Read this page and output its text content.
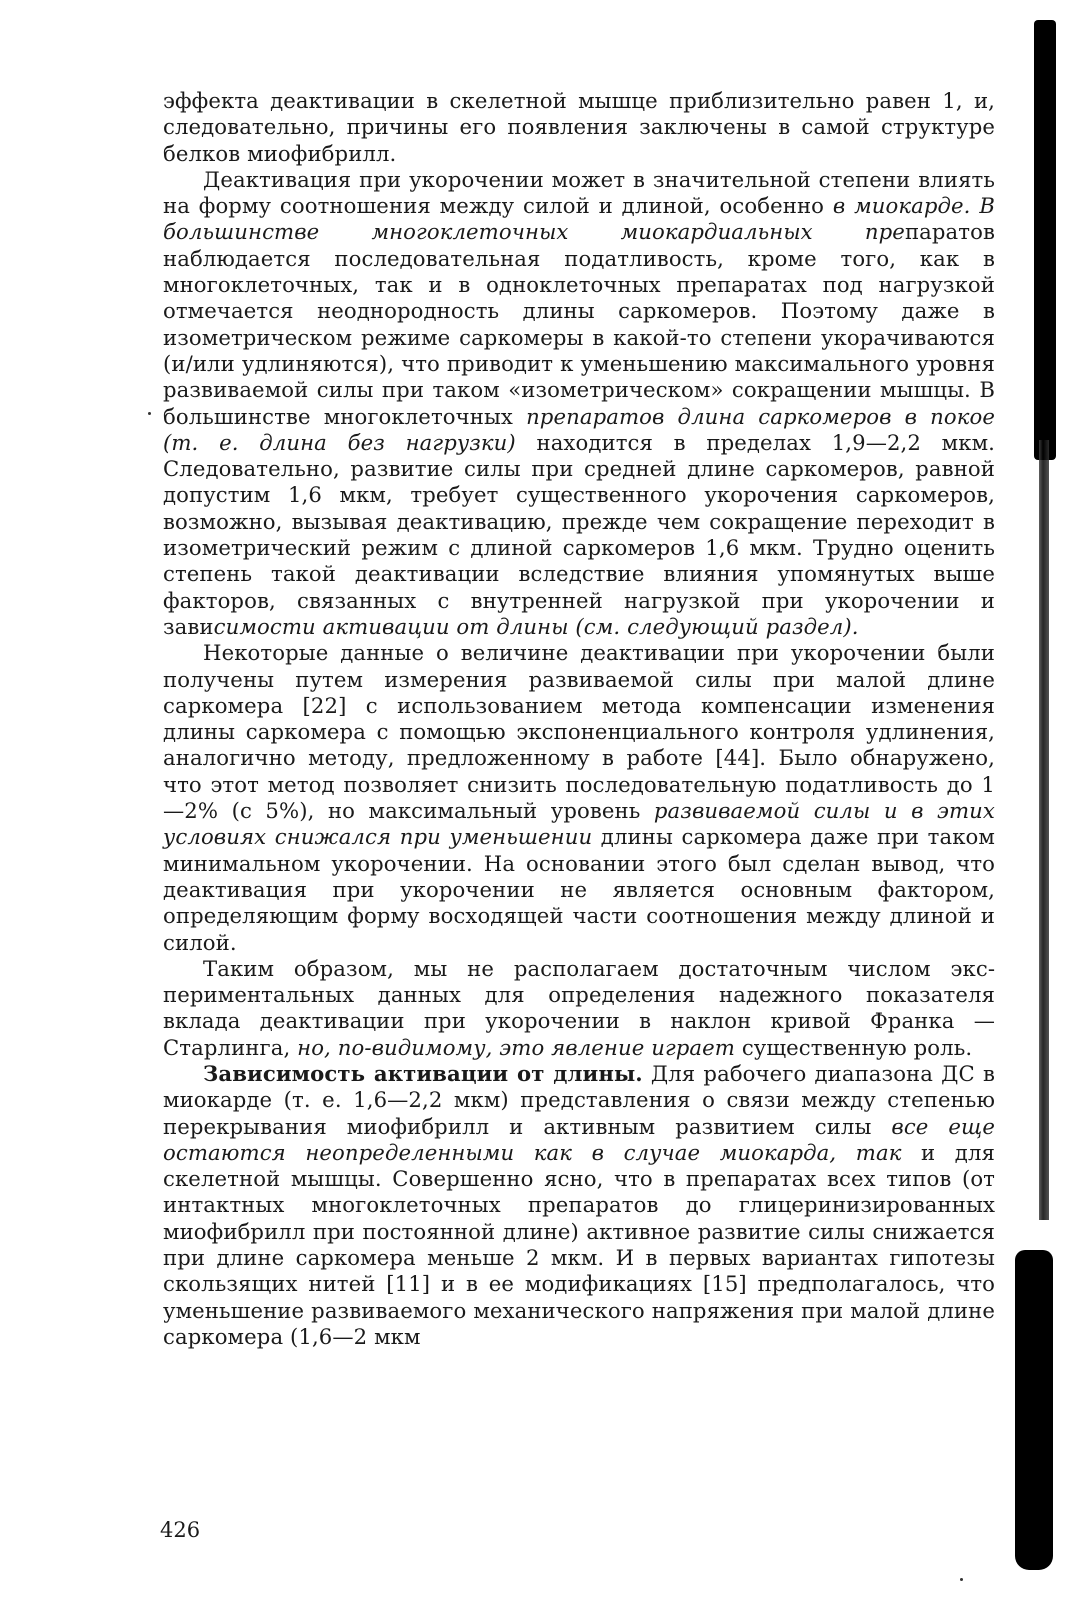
эффекта деактивации в скелетной мышце приблизительно равен 1, и, следовательно, причины его появления заключены в самой структуре белков миофибрилл.

Деактивация при укорочении может в значительной степени влиять на форму соотношения между силой и длиной, особенно в миокарде. В большинстве многоклеточных миокардиальных препаратов наблюдается последовательная податливость, кроме того, как в многоклеточных, так и в одноклеточных препаратах под нагрузкой отмечается неоднородность длины саркомеров. Поэтому даже в изометрическом режиме саркомеры в какой-то степени укорачиваются (и/или удлиняются), что приводит к уменьшению максимального уровня развиваемой силы при таком «изометрическом» сокращении мышцы. В большинстве многоклеточных препаратов длина саркомеров в покое (т. е. длина без нагрузки) находится в пределах 1,9—2,2 мкм. Следовательно, развитие силы при средней длине саркомеров, равной допустим 1,6 мкм, требует существенного укорочения саркомеров, возможно, вызывая деактивацию, прежде чем сокращение переходит в изометрический режим с длиной саркомеров 1,6 мкм. Трудно оценить степень такой деактивации вследствие влияния упомянутых выше факторов, связанных с внутренней нагрузкой при укорочении и зависимости активации от длины (см. следующий раздел).

Некоторые данные о величине деактивации при укорочении были получены путем измерения развиваемой силы при малой длине саркомера [22] с использованием метода компенсации изменения длины саркомера с помощью экспоненциального контроля удлинения, аналогично методу, предложенному в работе [44]. Было обнаружено, что этот метод позволяет снизить последовательную податливость до 1—2% (с 5%), но максимальный уровень развиваемой силы и в этих условиях снижался при уменьшении длины саркомера даже при таком минимальном укорочении. На основании этого был сделан вывод, что деактивация при укорочении не является основным фактором, определяющим форму восходящей части соотношения между длиной и силой.

Таким образом, мы не располагаем достаточным числом экспериментальных данных для определения надежного показателя вклада деактивации при укорочении в наклон кривой Франка — Старлинга, но, по-видимому, это явление играет существенную роль.

Зависимость активации от длины. Для рабочего диапазона ДС в миокарде (т. е. 1,6—2,2 мкм) представления о связи между степенью перекрывания миофибрилл и активным развитием силы все еще остаются неопределенными как в случае миокарда, так и для скелетной мышцы. Совершенно ясно, что в препаратах всех типов (от интактных многоклеточных препаратов до глицеринизированных миофибрилл при постоянной длине) активное развитие силы снижается при длине саркомера меньше 2 мкм. И в первых вариантах гипотезы скользящих нитей [11] и в ее модификациях [15] предполагалось, что уменьшение развиваемого механического напряжения при малой длине саркомера (1,6—2 мкм

426
